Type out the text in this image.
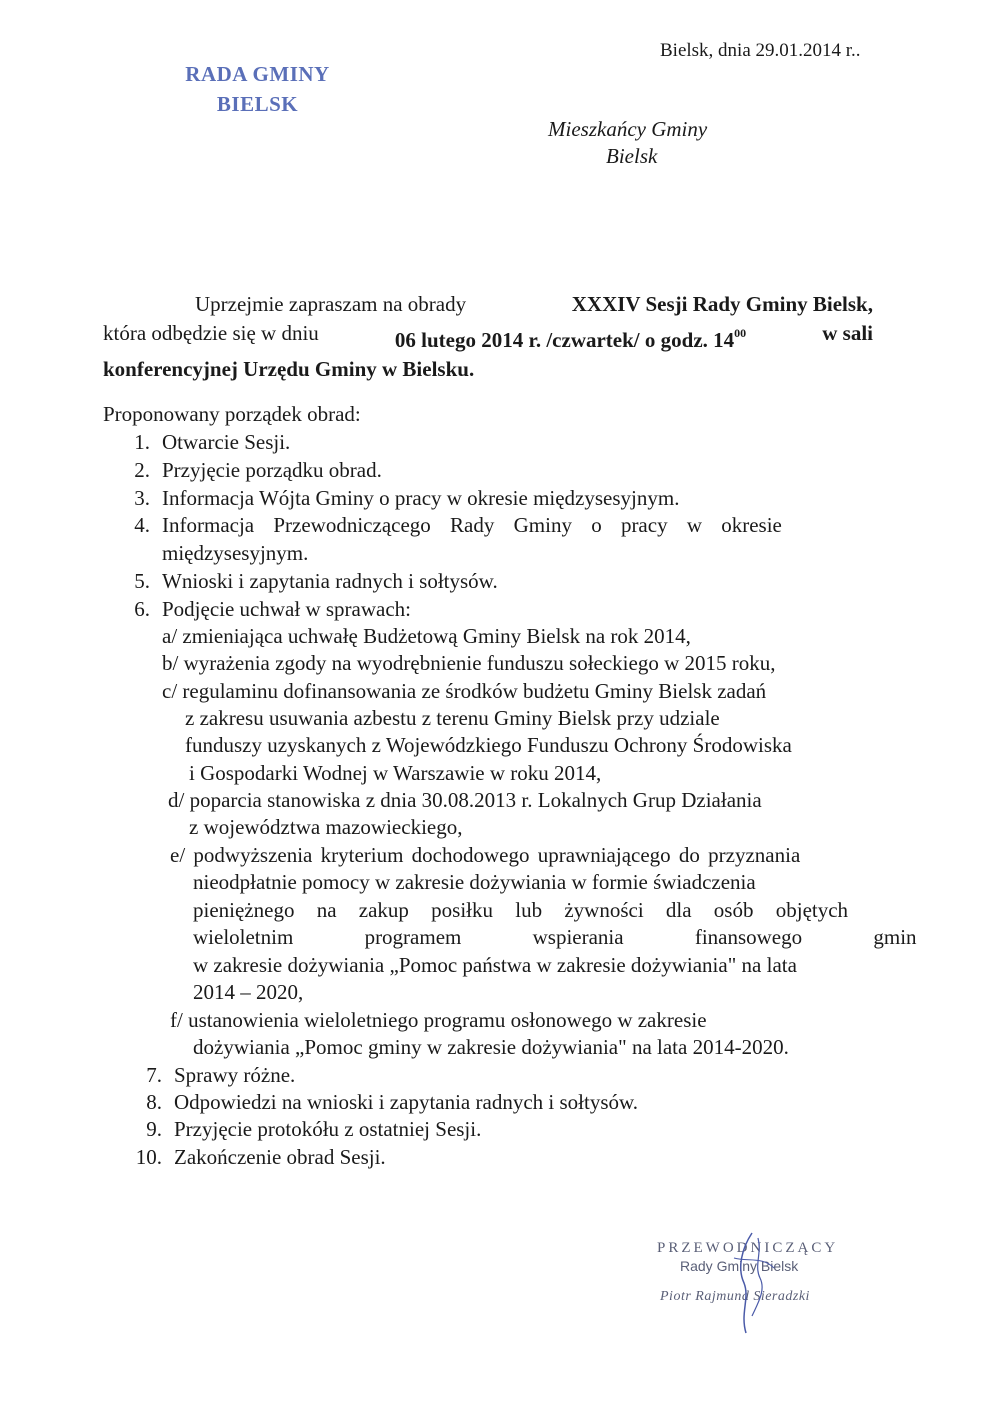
RADA GMINY
BIELSK
Bielsk, dnia 29.01.2014 r..
Mieszkańcy Gminy
Bielsk
Uprzejmie zapraszam na obrady	XXXIV Sesji Rady Gminy Bielsk,
która odbędzie się w dniu	06 lutego 2014 r. /czwartek/ o godz. $14^{00}$	w sali
konferencyjnej Urzędu Gminy w Bielsku.
Proponowany porządek obrad:
1. Otwarcie Sesji.
2. Przyjęcie porządku obrad.
3. Informacja Wójta Gminy o pracy w okresie międzysesyjnym.
4. Informacja Przewodniczącego Rady Gminy o pracy w okresie
międzysesyjnym.
5. Wnioski i zapytania radnych i sołtysów.
6. Podjęcie uchwał w sprawach:
a/ zmieniająca uchwałę Budżetową Gminy Bielsk na rok 2014,
b/ wyrażenia zgody na wyodrębnienie funduszu sołeckiego w 2015 roku,
c/ regulaminu dofinansowania ze środków budżetu Gminy Bielsk zadań
z zakresu usuwania azbestu z terenu Gminy Bielsk przy udziale
funduszy uzyskanych z Wojewódzkiego Funduszu Ochrony Środowiska
i Gospodarki Wodnej w Warszawie w roku 2014,
d/ poparcia stanowiska z dnia 30.08.2013 r. Lokalnych Grup Działania
z województwa mazowieckiego,
e/ podwyższenia kryterium dochodowego uprawniającego do przyznania
nieodpłatnie pomocy w zakresie dożywiania w formie świadczenia
pieniężnego na zakup posiłku lub żywności dla osób objętych
wieloletnim programem wspierania finansowego gmin
w zakresie dożywiania „Pomoc państwa w zakresie dożywiania" na lata
2014 – 2020,
f/ ustanowienia wieloletniego programu osłonowego w zakresie
dożywiania „Pomoc gminy w zakresie dożywiania" na lata 2014-2020.
7. Sprawy różne.
8. Odpowiedzi na wnioski i zapytania radnych i sołtysów.
9. Przyjęcie protokółu z ostatniej Sesji.
10. Zakończenie obrad Sesji.
PRZEWODNICZĄCY
Rady Gminy Bielsk
Piotr Rajmund Sieradzki
